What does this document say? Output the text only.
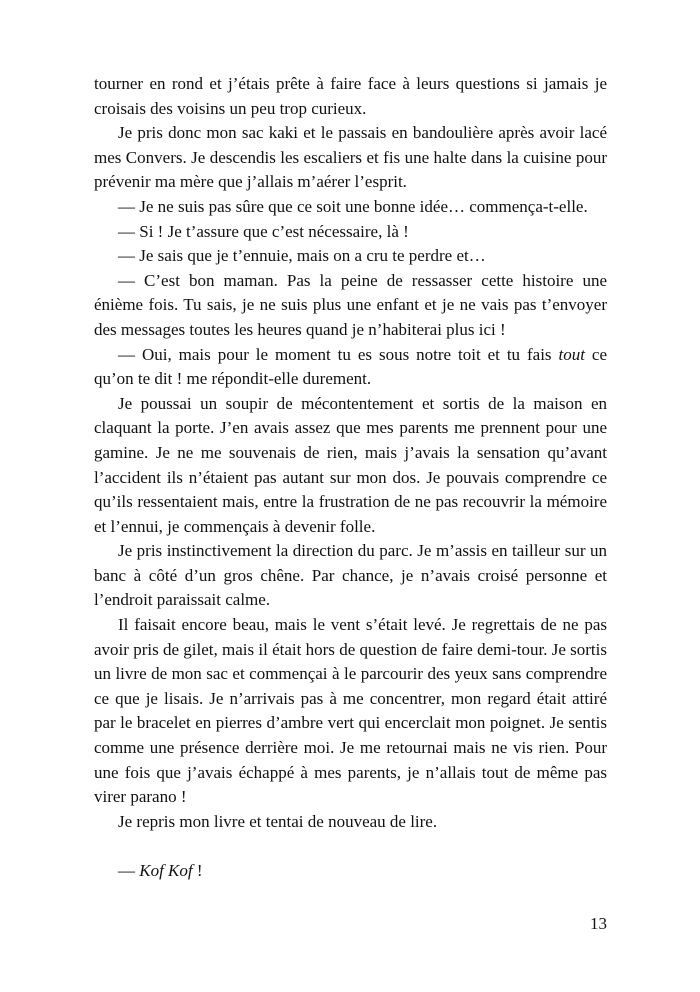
tourner en rond et j’étais prête à faire face à leurs questions si jamais je croisais des voisins un peu trop curieux.

Je pris donc mon sac kaki et le passais en bandoulière après avoir lacé mes Convers. Je descendis les escaliers et fis une halte dans la cuisine pour prévenir ma mère que j’allais m’aérer l’esprit.

— Je ne suis pas sûre que ce soit une bonne idée… commença-t-elle.

— Si ! Je t’assure que c’est nécessaire, là !

— Je sais que je t’ennuie, mais on a cru te perdre et…

— C’est bon maman. Pas la peine de ressasser cette histoire une énième fois. Tu sais, je ne suis plus une enfant et je ne vais pas t’envoyer des messages toutes les heures quand je n’habiterai plus ici !

— Oui, mais pour le moment tu es sous notre toit et tu fais tout ce qu’on te dit ! me répondit-elle durement.

Je poussai un soupir de mécontentement et sortis de la maison en claquant la porte. J’en avais assez que mes parents me prennent pour une gamine. Je ne me souvenais de rien, mais j’avais la sensation qu’avant l’accident ils n’étaient pas autant sur mon dos. Je pouvais comprendre ce qu’ils ressentaient mais, entre la frustration de ne pas recouvrir la mémoire et l’ennui, je commençais à devenir folle.

Je pris instinctivement la direction du parc. Je m’assis en tailleur sur un banc à côté d’un gros chêne. Par chance, je n’avais croisé personne et l’endroit paraissait calme.

Il faisait encore beau, mais le vent s’était levé. Je regrettais de ne pas avoir pris de gilet, mais il était hors de question de faire demi-tour. Je sortis un livre de mon sac et commençai à le parcourir des yeux sans comprendre ce que je lisais. Je n’arrivais pas à me concentrer, mon regard était attiré par le bracelet en pierres d’ambre vert qui encerclait mon poignet. Je sentis comme une présence derrière moi. Je me retournai mais ne vis rien. Pour une fois que j’avais échappé à mes parents, je n’allais tout de même pas virer parano !

Je repris mon livre et tentai de nouveau de lire.

— Kof Kof !

13
